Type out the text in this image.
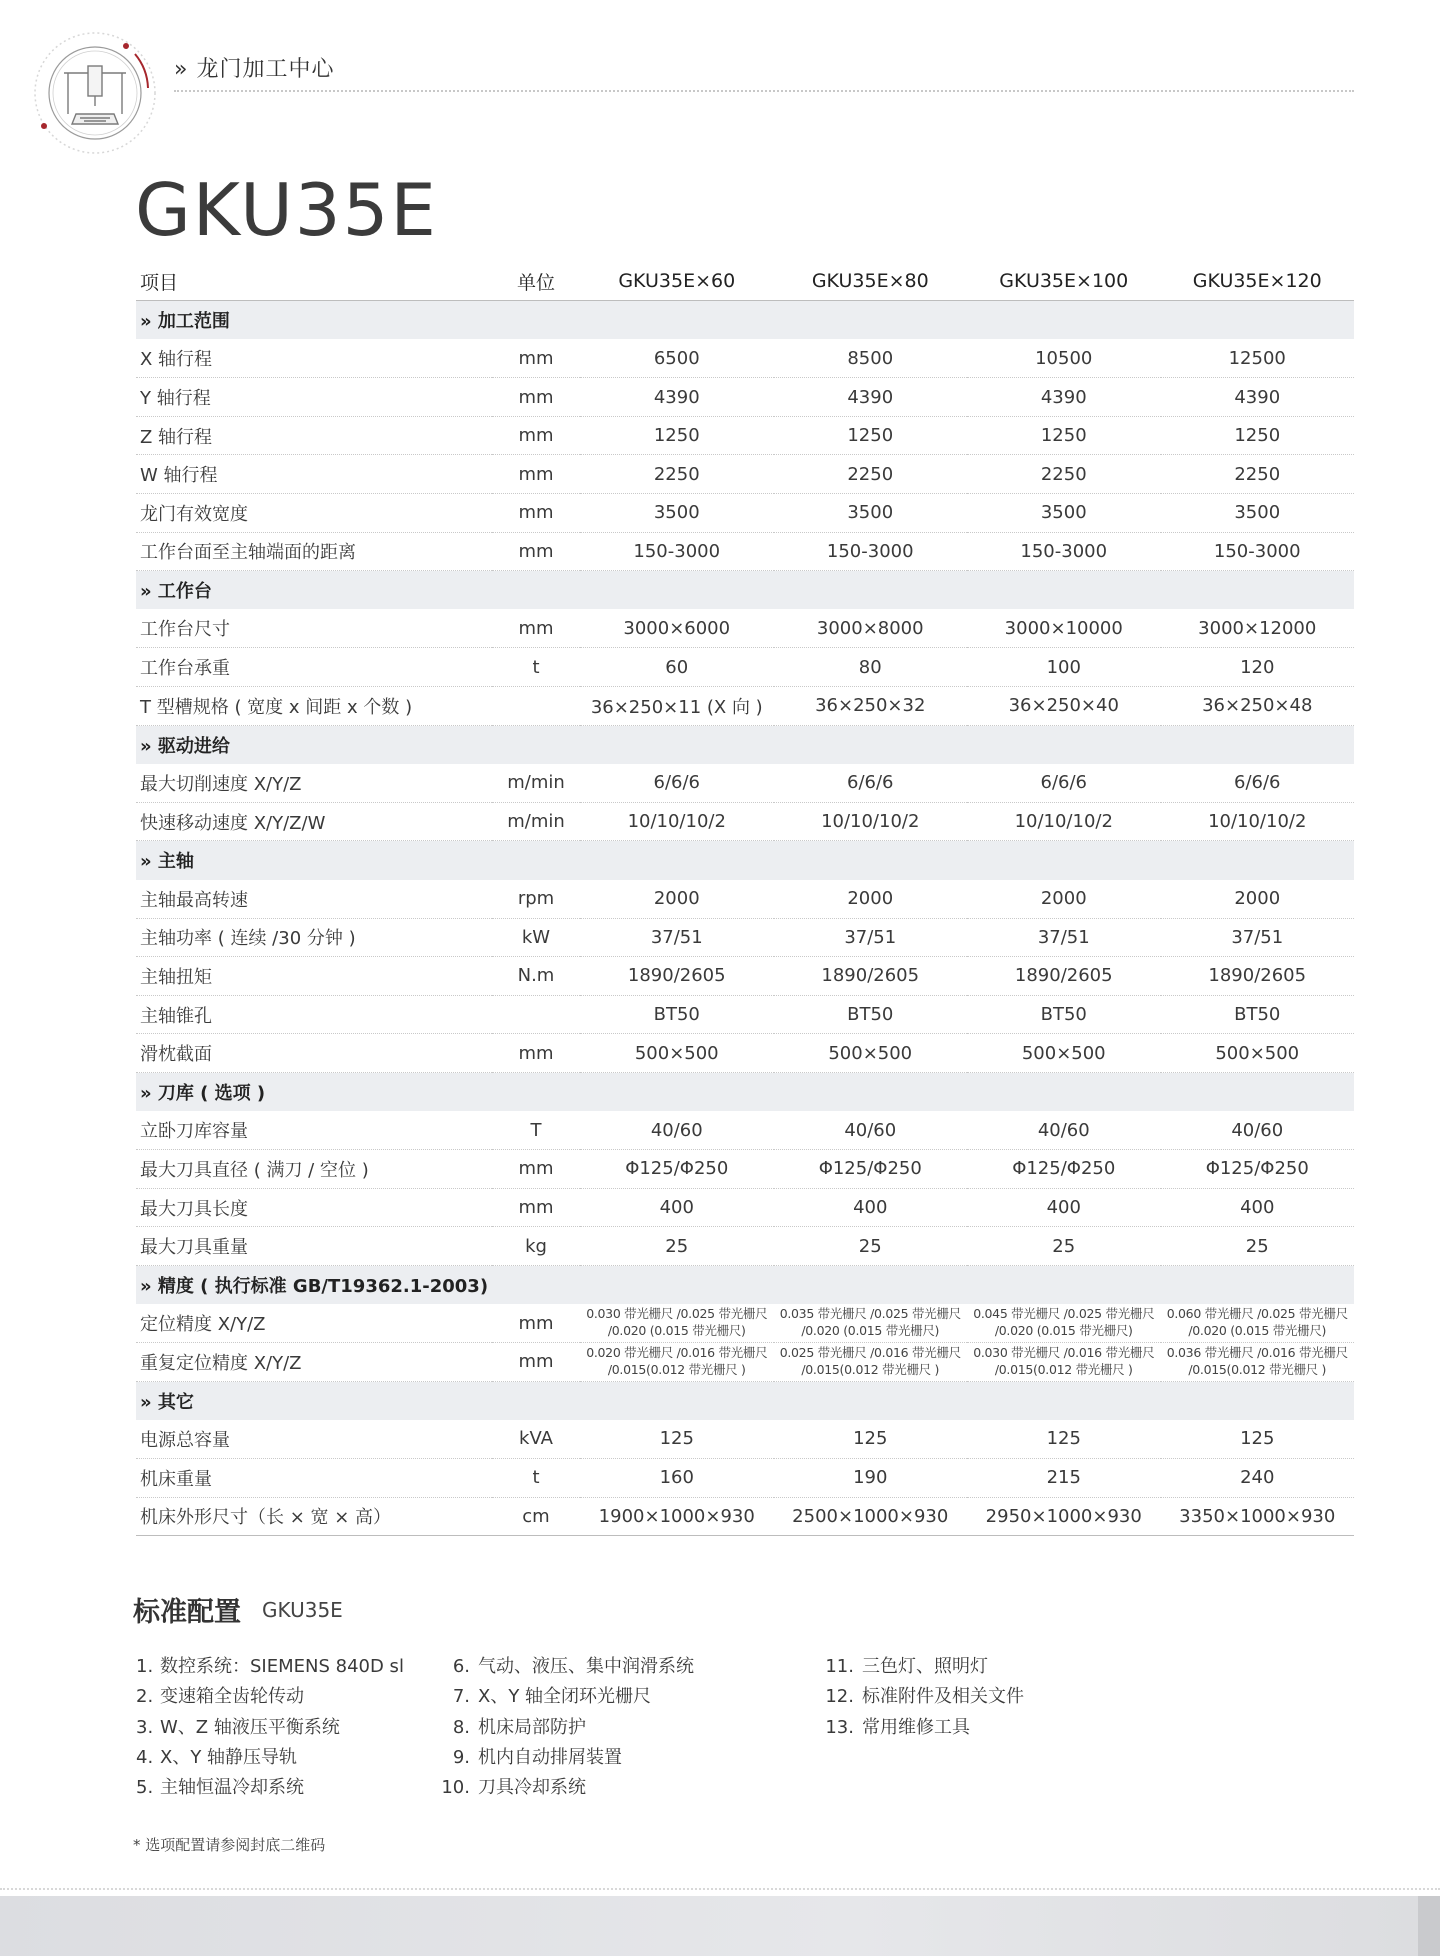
» 龙门加工中心
GKU35E
项目	单位	GKU35E×60	GKU35E×80	GKU35E×100	GKU35E×120
» 加工范围					
X 轴行程	mm	6500	8500	10500	12500
Y 轴行程	mm	4390	4390	4390	4390
Z 轴行程	mm	1250	1250	1250	1250
W 轴行程	mm	2250	2250	2250	2250
龙门有效宽度	mm	3500	3500	3500	3500
工作台面至主轴端面的距离	mm	150-3000	150-3000	150-3000	150-3000
» 工作台					
工作台尺寸	mm	3000×6000	3000×8000	3000×10000	3000×12000
工作台承重	t	60	80	100	120
T 型槽规格 ( 宽度 x 间距 x 个数 )		36×250×11 (X 向 )	36×250×32	36×250×40	36×250×48
» 驱动进给					
最大切削速度 X/Y/Z	m/min	6/6/6	6/6/6	6/6/6	6/6/6
快速移动速度 X/Y/Z/W	m/min	10/10/10/2	10/10/10/2	10/10/10/2	10/10/10/2
» 主轴					
主轴最高转速	rpm	2000	2000	2000	2000
主轴功率 ( 连续 /30 分钟 )	kW	37/51	37/51	37/51	37/51
主轴扭矩	N.m	1890/2605	1890/2605	1890/2605	1890/2605
主轴锥孔		BT50	BT50	BT50	BT50
滑枕截面	mm	500×500	500×500	500×500	500×500
» 刀库 ( 选项 )					
立卧刀库容量	T	40/60	40/60	40/60	40/60
最大刀具直径 ( 满刀 / 空位 )	mm	Φ125/Φ250	Φ125/Φ250	Φ125/Φ250	Φ125/Φ250
最大刀具长度	mm	400	400	400	400
最大刀具重量	kg	25	25	25	25
» 精度 ( 执行标准 GB/T19362.1-2003)					
定位精度 X/Y/Z	mm	0.030 带光栅尺 /0.025 带光栅尺 /0.020 (0.015 带光栅尺)	0.035 带光栅尺 /0.025 带光栅尺 /0.020 (0.015 带光栅尺)	0.045 带光栅尺 /0.025 带光栅尺 /0.020 (0.015 带光栅尺)	0.060 带光栅尺 /0.025 带光栅尺 /0.020 (0.015 带光栅尺)
重复定位精度 X/Y/Z	mm	0.020 带光栅尺 /0.016 带光栅尺 /0.015(0.012 带光栅尺 )	0.025 带光栅尺 /0.016 带光栅尺 /0.015(0.012 带光栅尺 )	0.030 带光栅尺 /0.016 带光栅尺 /0.015(0.012 带光栅尺 )	0.036 带光栅尺 /0.016 带光栅尺 /0.015(0.012 带光栅尺 )
» 其它					
电源总容量	kVA	125	125	125	125
机床重量	t	160	190	215	240
机床外形尺寸（长 × 宽 × 高）	cm	1900×1000×930	2500×1000×930	2950×1000×930	3350×1000×930
标准配置 GKU35E
1. 数控系统：SIEMENS 840D sl
2. 变速箱全齿轮传动
3. W、Z 轴液压平衡系统
4. X、Y 轴静压导轨
5. 主轴恒温冷却系统
6. 气动、液压、集中润滑系统
7. X、Y 轴全闭环光栅尺
8. 机床局部防护
9. 机内自动排屑装置
10. 刀具冷却系统
11. 三色灯、照明灯
12. 标准附件及相关文件
13. 常用维修工具
* 选项配置请参阅封底二维码
